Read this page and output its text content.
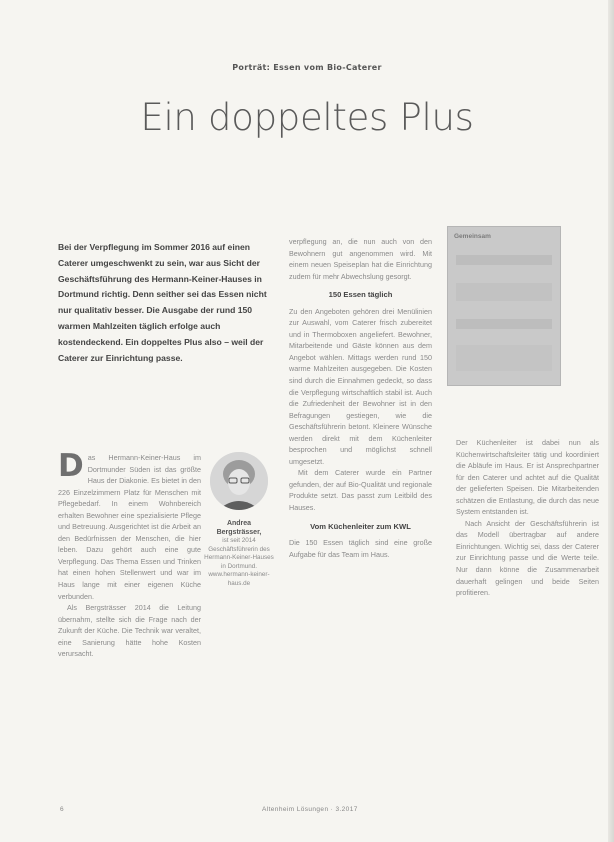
Porträt: Essen vom Bio-Caterer
Ein doppeltes Plus
Bei der Verpflegung im Sommer 2016 auf einen Caterer umgeschwenkt zu sein, war aus Sicht der Geschäftsführung des Hermann-Keiner-Hauses in Dortmund richtig. Denn seither sei das Essen nicht nur qualitativ besser. Die Ausgabe der rund 150 warmen Mahlzeiten täglich erfolge auch kostendeckend. Ein doppeltes Plus also – weil der Caterer zur Einrichtung passe.
D as Hermann-Keiner-Haus im Dortmunder Süden ist das größte Haus der Diakonie. Es bietet in den 226 Einzelzimmern Platz für Menschen mit Pflegebedarf. In einem Wohnbereich erhalten Bewohner eine spezialisierte Pflege und Betreuung. Ausgerichtet ist die Arbeit an den Bedürfnissen der Menschen, die hier leben. Dazu gehört auch eine gute Verpflegung. Das Thema Essen und Trinken hat einen hohen Stellenwert und war im Haus lange mit einer eigenen Küche verbunden.

Als Bergsträsser 2014 die Leitung übernahm, stellte sich die Frage nach der Zukunft der Küche. Die Technik war veraltet, eine Sanierung hätte hohe Kosten verursacht.

Andrea Bergsträsser,
ist seit 2014 Geschäftsführerin des Hermann-Keiner-Hauses in Dortmund. www.hermann-keiner-haus.de

verpflegung an, die nun auch von den Bewohnern gut angenommen wird. Mit einem neuen Speiseplan hat die Einrichtung zudem für mehr Abwechslung gesorgt.

150 Essen täglich

Zu den Angeboten gehören drei Menülinien zur Auswahl, vom Caterer frisch zubereitet und in Thermoboxen angeliefert. Bewohner, Mitarbeitende und Gäste können aus dem Angebot wählen. Mittags werden rund 150 warme Mahlzeiten ausgegeben. Die Kosten sind durch die Einnahmen gedeckt, so dass die Verpflegung wirtschaftlich stabil ist. Auch die Zufriedenheit der Bewohner ist in den Befragungen gestiegen, wie die Geschäftsführerin betont. Kleinere Wünsche werden direkt mit dem Küchenleiter besprochen und möglichst schnell umgesetzt.

Mit dem Caterer wurde ein Partner gefunden, der auf Bio-Qualität und regionale Produkte setzt. Das passt zum Leitbild des Hauses.

Vom Küchenleiter zum KWL

Die 150 Essen täglich sind eine große Aufgabe für das Team im Haus.

Gemeinsam

Der Küchenleiter ist dabei nun als Küchenwirtschaftsleiter tätig und koordiniert die Abläufe im Haus. Er ist Ansprechpartner für den Caterer und achtet auf die Qualität der gelieferten Speisen. Die Mitarbeitenden schätzen die Entlastung, die durch das neue System entstanden ist.

Nach Ansicht der Geschäftsführerin ist das Modell übertragbar auf andere Einrichtungen. Wichtig sei, dass der Caterer zur Einrichtung passe und die Werte teile. Nur dann könne die Zusammenarbeit dauerhaft gelingen und beide Seiten profitieren.

6	Altenheim Lösungen · 3.2017
